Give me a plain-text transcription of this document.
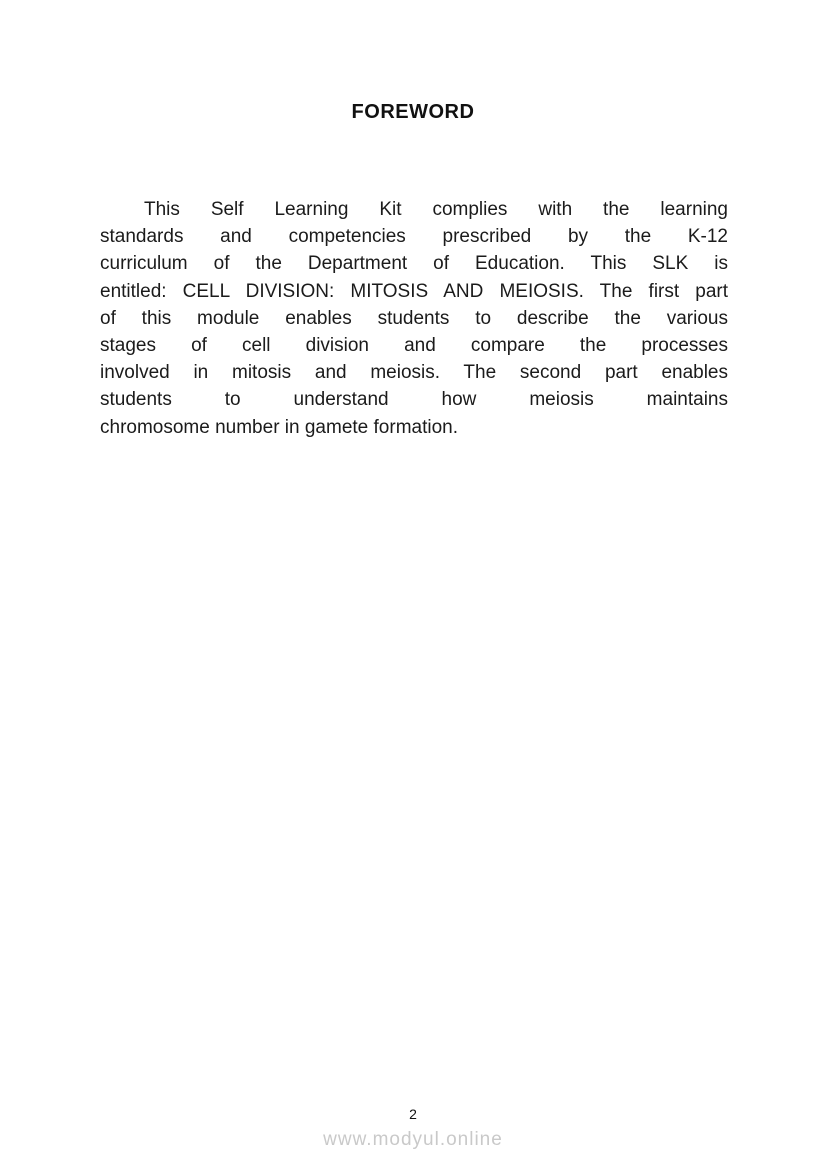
FOREWORD
This Self Learning Kit complies with the learning
standards and competencies prescribed by the K-12
curriculum of the Department of Education. This SLK is
entitled: CELL DIVISION: MITOSIS AND MEIOSIS. The first part
of this module enables students to describe the various
stages of cell division and compare the processes
involved in mitosis and meiosis. The second part enables
students to understand how meiosis maintains
chromosome number in gamete formation.
2
www.modyul.online
